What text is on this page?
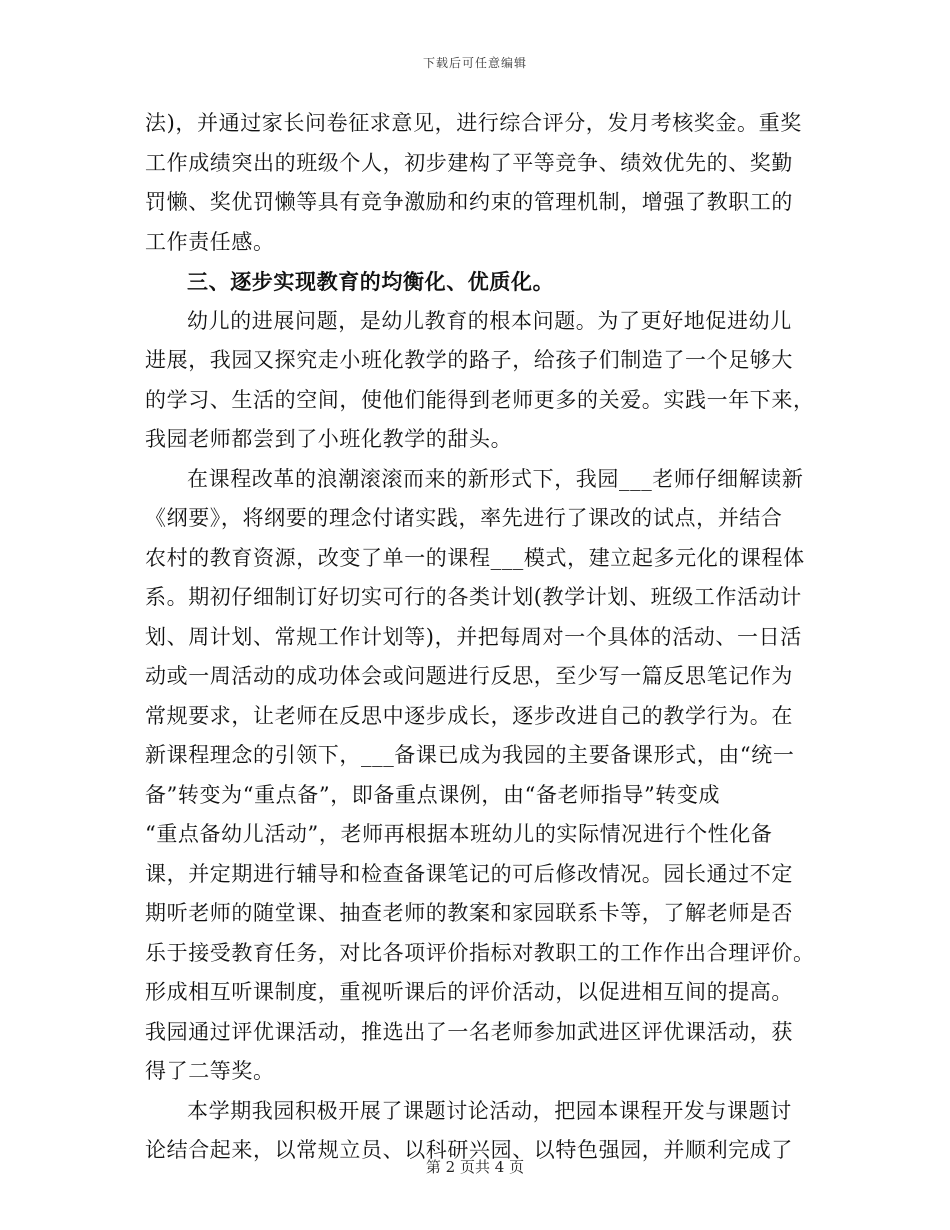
下载后可任意编辑
法)，并通过家长问卷征求意见，进行综合评分，发月考核奖金。重奖
工作成绩突出的班级个人，初步建构了平等竞争、绩效优先的、奖勤
罚懒、奖优罚懒等具有竞争激励和约束的管理机制，增强了教职工的
工作责任感。
三、逐步实现教育的均衡化、优质化。
幼儿的进展问题，是幼儿教育的根本问题。为了更好地促进幼儿
进展，我园又探究走小班化教学的路子，给孩子们制造了一个足够大
的学习、生活的空间，使他们能得到老师更多的关爱。实践一年下来，
我园老师都尝到了小班化教学的甜头。
在课程改革的浪潮滚滚而来的新形式下，我园___老师仔细解读新
《纲要》，将纲要的理念付诸实践，率先进行了课改的试点，并结合
农村的教育资源，改变了单一的课程___模式，建立起多元化的课程体
系。期初仔细制订好切实可行的各类计划(教学计划、班级工作活动计
划、周计划、常规工作计划等)，并把每周对一个具体的活动、一日活
动或一周活动的成功体会或问题进行反思，至少写一篇反思笔记作为
常规要求，让老师在反思中逐步成长，逐步改进自己的教学行为。在
新课程理念的引领下，___备课已成为我园的主要备课形式，由“统一
备”转变为“重点备”，即备重点课例，由“备老师指导”转变成
“重点备幼儿活动”，老师再根据本班幼儿的实际情况进行个性化备
课，并定期进行辅导和检查备课笔记的可后修改情况。园长通过不定
期听老师的随堂课、抽查老师的教案和家园联系卡等，了解老师是否
乐于接受教育任务，对比各项评价指标对教职工的工作作出合理评价。
形成相互听课制度，重视听课后的评价活动，以促进相互间的提高。
我园通过评优课活动，推选出了一名老师参加武进区评优课活动，获
得了二等奖。
本学期我园积极开展了课题讨论活动，把园本课程开发与课题讨
论结合起来，以常规立员、以科研兴园、以特色强园，并顺利完成了
第 2 页共 4 页
